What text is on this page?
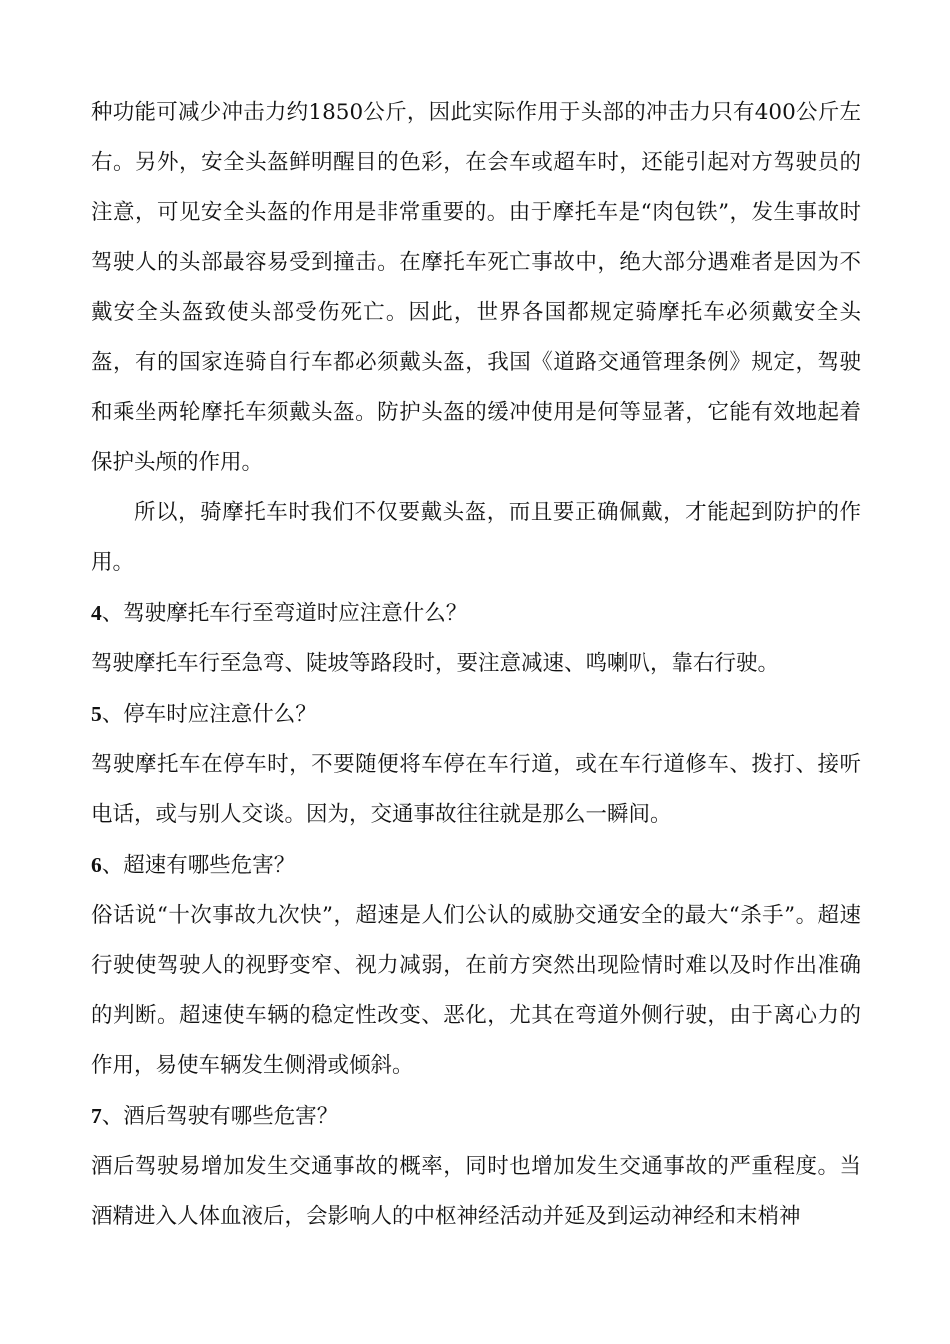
种功能可减少冲击力约1850公斤，因此实际作用于头部的冲击力只有400公斤左右。另外，安全头盔鲜明醒目的色彩，在会车或超车时，还能引起对方驾驶员的注意，可见安全头盔的作用是非常重要的。由于摩托车是“肉包铁”，发生事故时驾驶人的头部最容易受到撞击。在摩托车死亡事故中，绝大部分遇难者是因为不戴安全头盔致使头部受伤死亡。因此，世界各国都规定骑摩托车必须戴安全头盔，有的国家连骑自行车都必须戴头盔，我国《道路交通管理条例》规定，驾驶和乘坐两轮摩托车须戴头盔。防护头盔的缓冲使用是何等显著，它能有效地起着保护头颅的作用。

所以，骑摩托车时我们不仅要戴头盔，而且要正确佩戴，才能起到防护的作用。

4、驾驶摩托车行至弯道时应注意什么？

驾驶摩托车行至急弯、陡坡等路段时，要注意减速、鸣喇叭，靠右行驶。

5、停车时应注意什么？

驾驶摩托车在停车时，不要随便将车停在车行道，或在车行道修车、拨打、接听电话，或与别人交谈。因为，交通事故往往就是那么一瞬间。

6、超速有哪些危害？

俗话说“十次事故九次快”，超速是人们公认的威胁交通安全的最大“杀手”。超速行驶使驾驶人的视野变窄、视力减弱，在前方突然出现险情时难以及时作出准确的判断。超速使车辆的稳定性改变、恶化，尤其在弯道外侧行驶，由于离心力的作用，易使车辆发生侧滑或倾斜。

7、酒后驾驶有哪些危害？

酒后驾驶易增加发生交通事故的概率，同时也增加发生交通事故的严重程度。当酒精进入人体血液后，会影响人的中枢神经活动并延及到运动神经和末梢神
